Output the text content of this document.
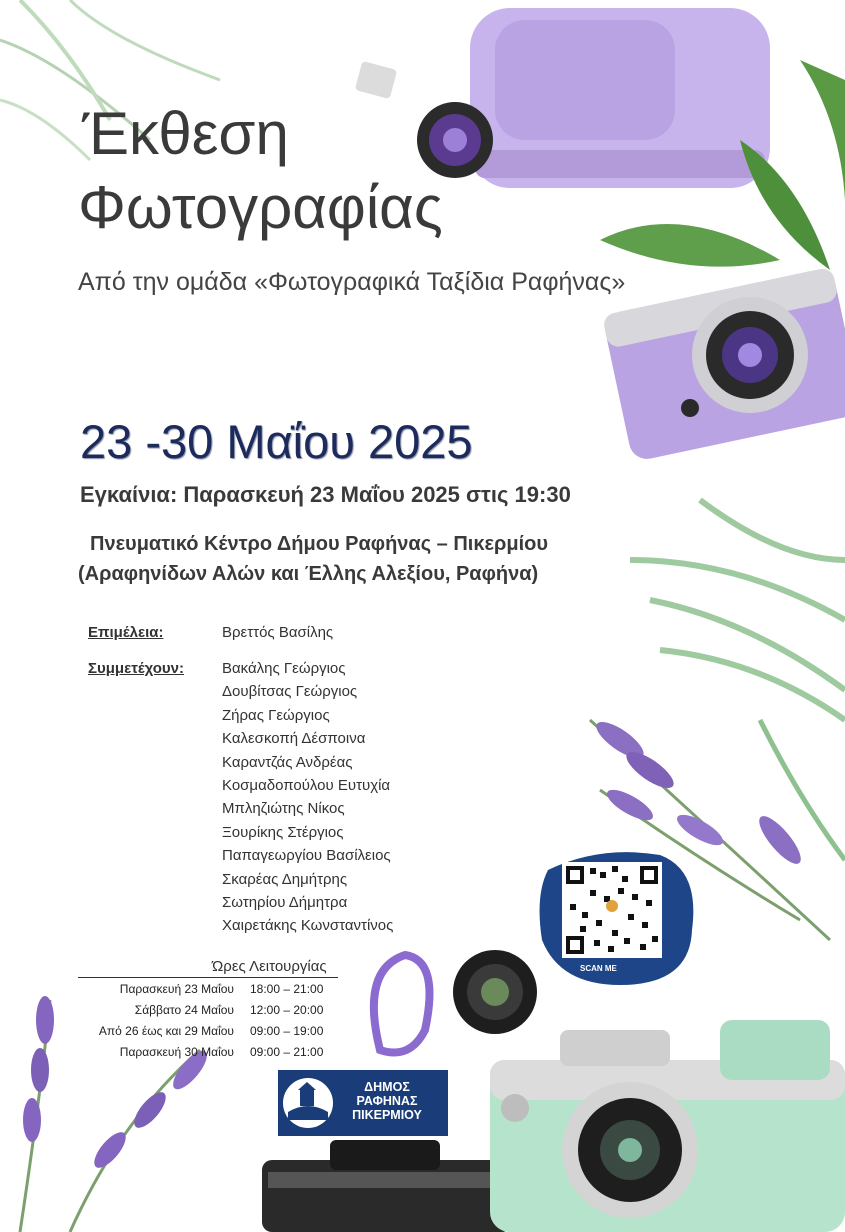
Έκθεση
Φωτογραφίας
Από την ομάδα «Φωτογραφικά Ταξίδια Ραφήνας»
23 -30 Μαΐου 2025
Εγκαίνια: Παρασκευή 23 Μαΐου 2025 στις 19:30
Πνευματικό Κέντρο Δήμου Ραφήνας – Πικερμίου
(Αραφηνίδων Αλών και Έλλης Αλεξίου, Ραφήνα)
Επιμέλεια:	Βρεττός Βασίλης
Συμμετέχουν:	Βακάλης Γεώργιος
Δουβίτσας Γεώργιος
Ζήρας Γεώργιος
Καλεσκοπή Δέσποινα
Καραντζάς Ανδρέας
Κοσμαδοπούλου Ευτυχία
Μπληζιώτης Νίκος
Ξουρίκης Στέργιος
Παπαγεωργίου Βασίλειος
Σκαρέας Δημήτρης
Σωτηρίου Δήμητρα
Χαιρετάκης Κωνσταντίνος
Ώρες Λειτουργίας
Παρασκευή 23 Μαΐου	18:00 – 21:00
Σάββατο 24 Μαΐου	12:00 – 20:00
Από 26 έως και 29 Μαΐου	09:00 – 19:00
Παρασκευή 30 Μαΐου	09:00 – 21:00
SCAN ME
ΔΗΜΟΣ
ΡΑΦΗΝΑΣ
ΠΙΚΕΡΜΙΟΥ
